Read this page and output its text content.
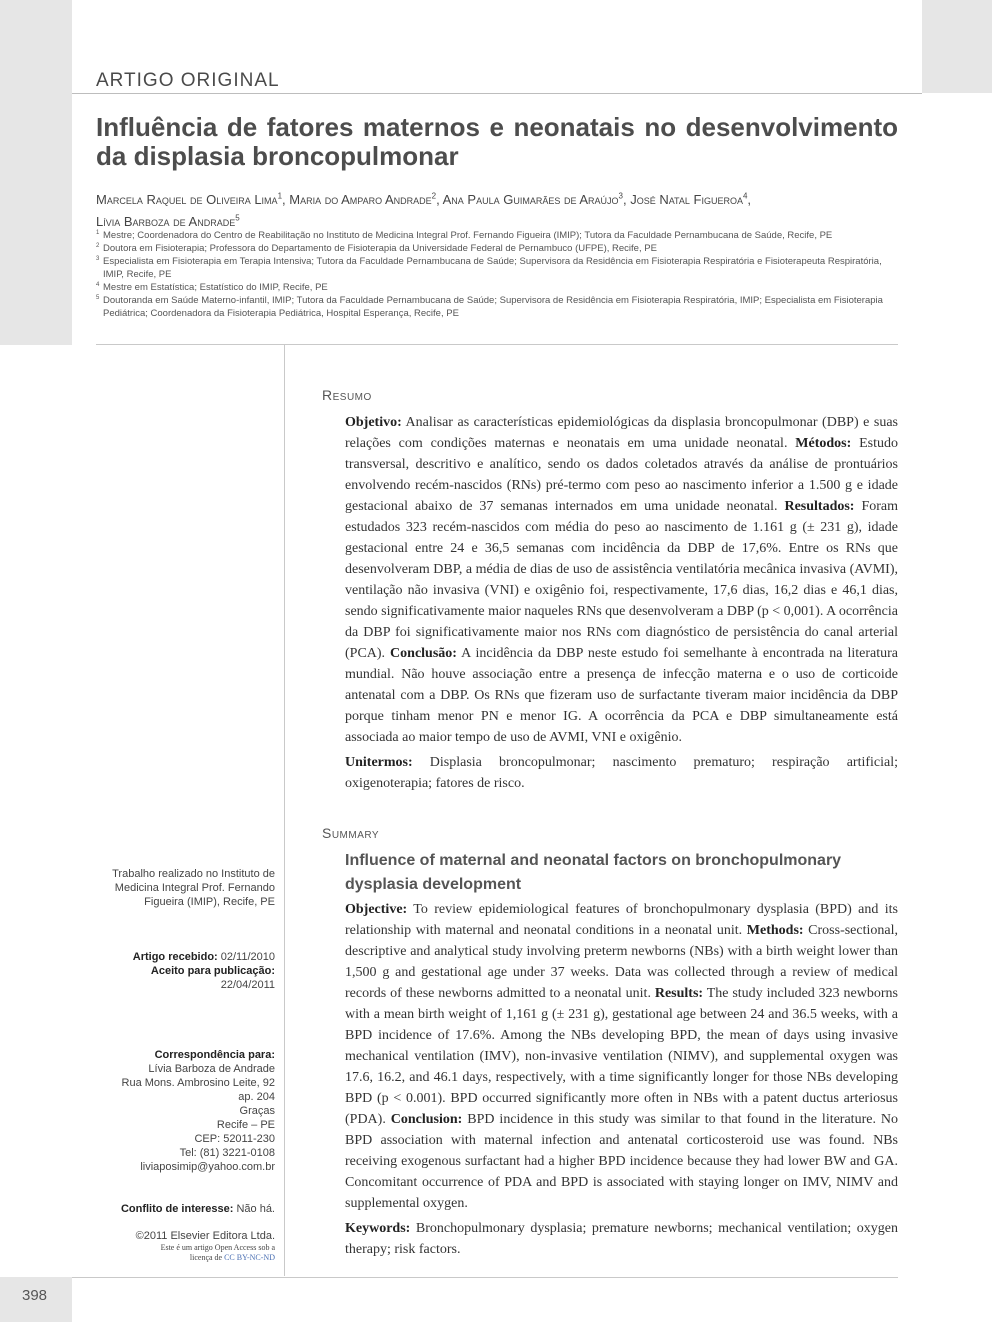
ARTIGO ORIGINAL
Influência de fatores maternos e neonatais no desenvolvimento da displasia broncopulmonar
Marcela Raquel de Oliveira Lima$^1$, Maria do Amparo Andrade$^2$, Ana Paula Guimarães de Araújo$^3$, José Natal Figueroa$^4$,
Lívia Barboza de Andrade$^5$
1 Mestre; Coordenadora do Centro de Reabilitação no Instituto de Medicina Integral Prof. Fernando Figueira (IMIP); Tutora da Faculdade Pernambucana de Saúde, Recife, PE
2 Doutora em Fisioterapia; Professora do Departamento de Fisioterapia da Universidade Federal de Pernambuco (UFPE), Recife, PE
3 Especialista em Fisioterapia em Terapia Intensiva; Tutora da Faculdade Pernambucana de Saúde; Supervisora da Residência em Fisioterapia Respiratória e Fisioterapeuta Respiratória, IMIP, Recife, PE
4 Mestre em Estatística; Estatístico do IMIP, Recife, PE
5 Doutoranda em Saúde Materno-infantil, IMIP; Tutora da Faculdade Pernambucana de Saúde; Supervisora de Residência em Fisioterapia Respiratória, IMIP; Especialista em Fisioterapia Pediátrica; Coordenadora da Fisioterapia Pediátrica, Hospital Esperança, Recife, PE
Resumo

Objetivo: Analisar as características epidemiológicas da displasia broncopulmonar (DBP) e suas relações com condições maternas e neonatais em uma unidade neonatal. Métodos: Estudo transversal, descritivo e analítico, sendo os dados coletados através da análise de prontuários envolvendo recém-nascidos (RNs) pré-termo com peso ao nascimento inferior a 1.500 g e idade gestacional abaixo de 37 semanas internados em uma unidade neonatal. Resultados: Foram estudados 323 recém-nascidos com média do peso ao nascimento de 1.161 g (± 231 g), idade gestacional entre 24 e 36,5 semanas com incidência da DBP de 17,6%. Entre os RNs que desenvolveram DBP, a média de dias de uso de assistência ventilatória mecânica invasiva (AVMI), ventilação não invasiva (VNI) e oxigênio foi, respectivamente, 17,6 dias, 16,2 dias e 46,1 dias, sendo significativamente maior naqueles RNs que desenvolveram a DBP (p < 0,001). A ocorrência da DBP foi significativamente maior nos RNs com diagnóstico de persistência do canal arterial (PCA). Conclusão: A incidência da DBP neste estudo foi semelhante à encontrada na literatura mundial. Não houve associação entre a presença de infecção materna e o uso de corticoide antenatal com a DBP. Os RNs que fizeram uso de surfactante tiveram maior incidência da DBP porque tinham menor PN e menor IG. A ocorrência da PCA e DBP simultaneamente está associada ao maior tempo de uso de AVMI, VNI e oxigênio.

Unitermos: Displasia broncopulmonar; nascimento prematuro; respiração artificial; oxigenoterapia; fatores de risco.

Summary
Influence of maternal and neonatal factors on bronchopulmonary dysplasia development

Objective: To review epidemiological features of bronchopulmonary dysplasia (BPD) and its relationship with maternal and neonatal conditions in a neonatal unit. Methods: Cross-sectional, descriptive and analytical study involving preterm newborns (NBs) with a birth weight lower than 1,500 g and gestational age under 37 weeks. Data was collected through a review of medical records of these newborns admitted to a neonatal unit. Results: The study included 323 newborns with a mean birth weight of 1,161 g (± 231 g), gestational age between 24 and 36.5 weeks, with a BPD incidence of 17.6%. Among the NBs developing BPD, the mean of days using invasive mechanical ventilation (IMV), non-invasive ventilation (NIMV), and supplemental oxygen was 17.6, 16.2, and 46.1 days, respectively, with a time significantly longer for those NBs developing BPD (p < 0.001). BPD occurred significantly more often in NBs with a patent ductus arteriosus (PDA). Conclusion: BPD incidence in this study was similar to that found in the literature. No BPD association with maternal infection and antenatal corticosteroid use was found. NBs receiving exogenous surfactant had a higher BPD incidence because they had lower BW and GA. Concomitant occurrence of PDA and BPD is associated with staying longer on IMV, NIMV and supplemental oxygen.

Keywords: Bronchopulmonary dysplasia; premature newborns; mechanical ventilation; oxygen therapy; risk factors.

Trabalho realizado no Instituto de
Medicina Integral Prof. Fernando
Figueira (IMIP), Recife, PE
Artigo recebido: 02/11/2010
Aceito para publicação: 22/04/2011
Correspondência para:
Lívia Barboza de Andrade
Rua Mons. Ambrosino Leite, 92
ap. 204
Graças
Recife – PE
CEP: 52011-230
Tel: (81) 3221-0108
liviaposimip@yahoo.com.br
Conflito de interesse: Não há.
©2011 Elsevier Editora Ltda.
Este é um artigo Open Access sob a
licença de CC BY-NC-ND
398
